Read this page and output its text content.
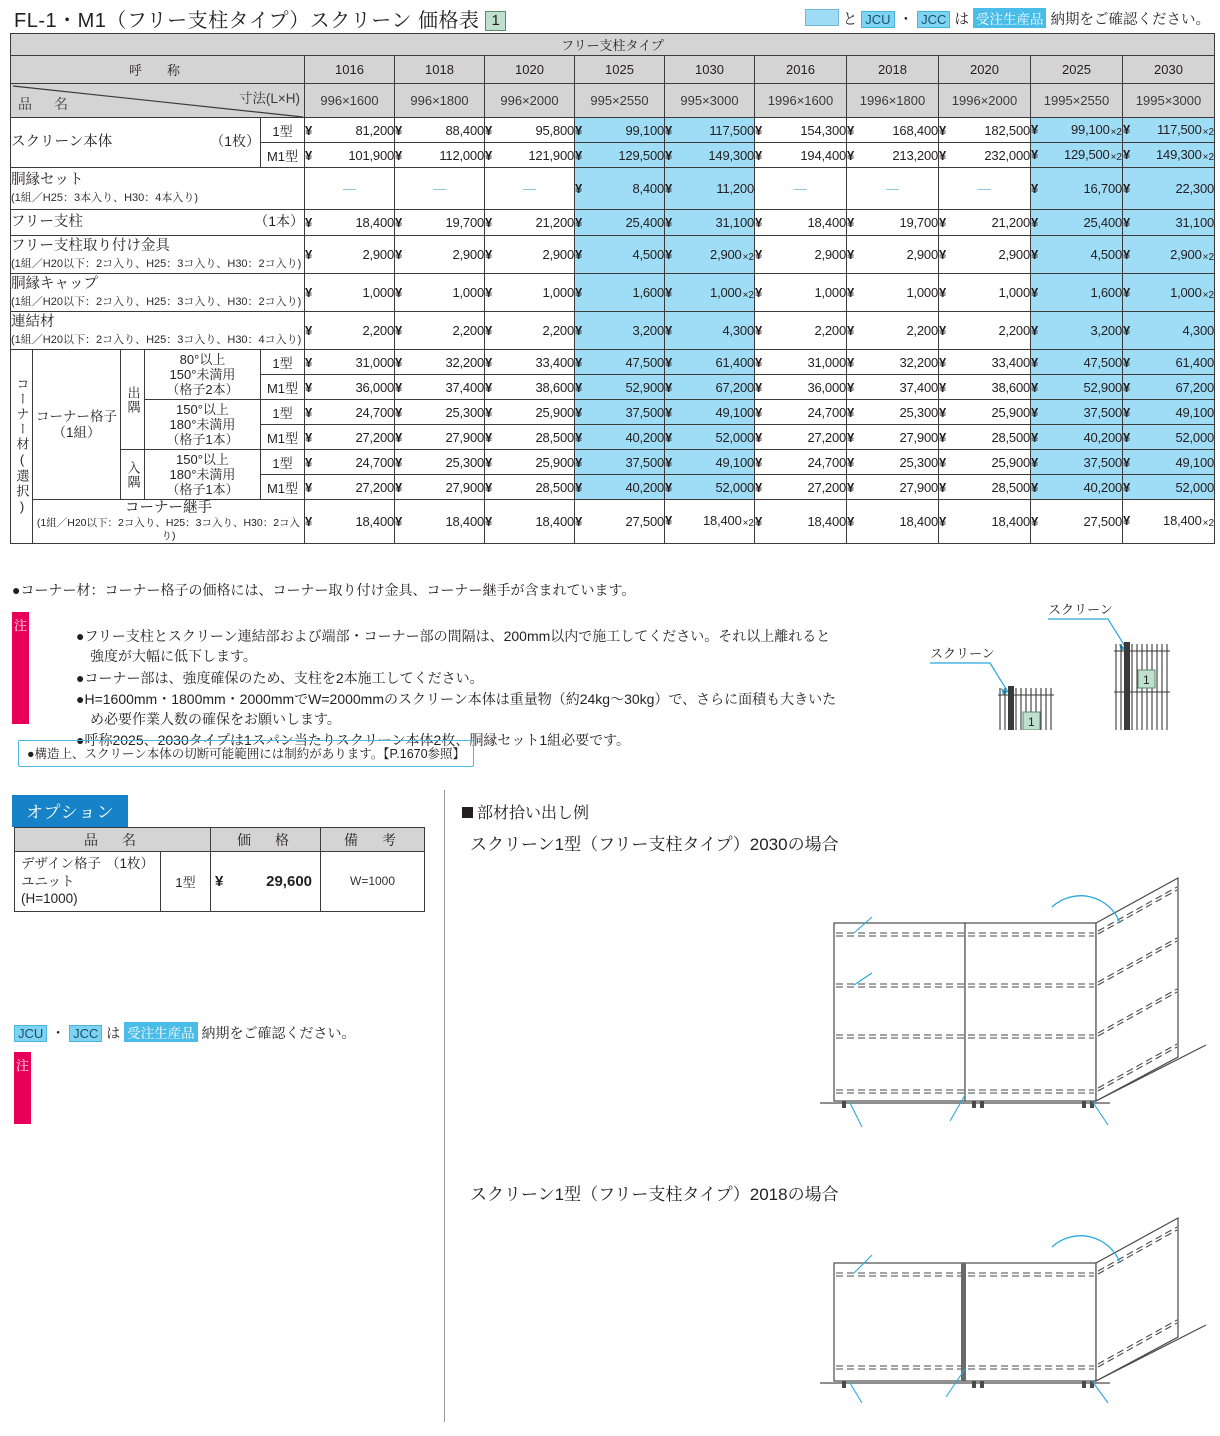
FL-1・M1（フリー支柱タイプ）スクリーン 価格表 1	と JCU ・ JCC は 受注生産品 納期をご確認ください。
フリー支柱タイプ														
呼　称					1016	1018	1020	1025	1030	2016	2018	2020	2025	2030

寸法(L×H)
品　名					996×1600	996×1800	996×2000	995×2550	995×3000	1996×1600	1996×1800	1996×2000	1995×2550	1995×3000

（1枚）
スクリーン本体				1型	¥ 81,200	¥ 88,400	¥ 95,800	¥ 99,100	¥ 117,500	¥ 154,300	¥ 168,400	¥ 182,500	¥ 99,100×2	¥ 117,500×2
				M1型	¥ 101,900	¥ 112,000	¥ 121,900	¥ 129,500	¥ 149,300	¥ 194,400	¥ 213,200	¥ 232,000	¥ 129,500×2	¥ 149,300×2
胴縁セット
(1組／H25：3本入り、H30：4本入り)					—	—	—	¥ 8,400	¥ 11,200	—	—	—	¥ 16,700	¥ 22,300

（1本）
フリー支柱					¥ 18,400	¥ 19,700	¥ 21,200	¥ 25,400	¥ 31,100	¥ 18,400	¥ 19,700	¥ 21,200	¥ 25,400	¥ 31,100
フリー支柱取り付け金具
(1組／H20以下：2コ入り、H25：3コ入り、H30：2コ入り)					¥ 2,900	¥ 2,900	¥ 2,900	¥ 4,500	¥ 2,900×2	¥ 2,900	¥ 2,900	¥ 2,900	¥ 4,500	¥ 2,900×2
胴縁キャップ
(1組／H20以下：2コ入り、H25：3コ入り、H30：2コ入り)					¥ 1,000	¥ 1,000	¥ 1,000	¥ 1,600	¥ 1,000×2	¥ 1,000	¥ 1,000	¥ 1,000	¥ 1,600	¥ 1,000×2
連結材
(1組／H20以下：2コ入り、H25：3コ入り、H30：4コ入り)					¥ 2,200	¥ 2,200	¥ 2,200	¥ 3,200	¥ 4,300	¥ 2,200	¥ 2,200	¥ 2,200	¥ 3,200	¥ 4,300
コーナー材(選択)	コーナー格子
（1組）
	出隅	
80°以上
150°未満用
（格子2本）
	1型	¥	31,000	¥	32,200	¥	33,400	¥	47,500	¥	61,400	¥	31,000	¥	32,200	¥	33,400	¥	47,500	¥	61,400
				M1型	¥ 36,000	¥ 37,400	¥ 38,600	¥ 52,900	¥ 67,200	¥ 36,000	¥ 37,400	¥ 38,600	¥ 52,900	¥ 67,200

150°以上
180°未満用
（格子1本）
	1型	¥	24,700	¥	25,300	¥	25,900	¥	37,500	¥	49,100	¥	24,700	¥	25,300	¥	25,900	¥	37,500	¥	49,100
				M1型	¥ 27,200	¥ 27,900	¥ 28,500	¥ 40,200	¥ 52,000	¥ 27,200	¥ 27,900	¥ 28,500	¥ 40,200	¥ 52,000
入隅	
150°以上
180°未満用
（格子1本）
	1型	¥	24,700	¥	25,300	¥	25,900	¥	37,500	¥	49,100	¥	24,700	¥	25,300	¥	25,900	¥	37,500	¥	49,100
				M1型	¥ 27,200	¥ 27,900	¥ 28,500	¥ 40,200	¥ 52,000	¥ 27,200	¥ 27,900	¥ 28,500	¥ 40,200	¥ 52,000

コーナー継手
(1組／H20以下：2コ入り、H25：3コ入り、H30：2コ入り)

¥	18,400	¥	18,400	¥	18,400	¥	27,500	¥ 18,400×2	¥	18,400	¥	18,400	¥	18,400	¥	27,500	¥	18,400×2
●コーナー材：コーナー格子の価格には、コーナー取り付け金具、コーナー継手が含まれています。
注
●フリー支柱とスクリーン連結部および端部・コーナー部の間隔は、200mm以内で施工してください。それ以上離れると強度が大幅に低下します。
●コーナー部は、強度確保のため、支柱を2本施工してください。
●H=1600mm・1800mm・2000mmでW=2000mmのスクリーン本体は重量物（約24kg～30kg）で、さらに面積も大きいため必要作業人数の確保をお願いします。
●呼称2025、2030タイプは1スパン当たりスクリーン本体2枚、胴縁セット1組必要です。
●構造上、スクリーン本体の切断可能範囲には制約があります。【P.1670参照】
スクリーン
1
スクリーン
1
オプション
品　名		価　格	備　考

（1枚）
デザイン格子ユニット
(H=1000)
	1型	¥	29,600	W=1000
JCU ・ JCC は 受注生産品 納期をご確認ください。
注
部材拾い出し例
スクリーン1型（フリー支柱タイプ）2030の場合
スクリーン1型（フリー支柱タイプ）2018の場合
